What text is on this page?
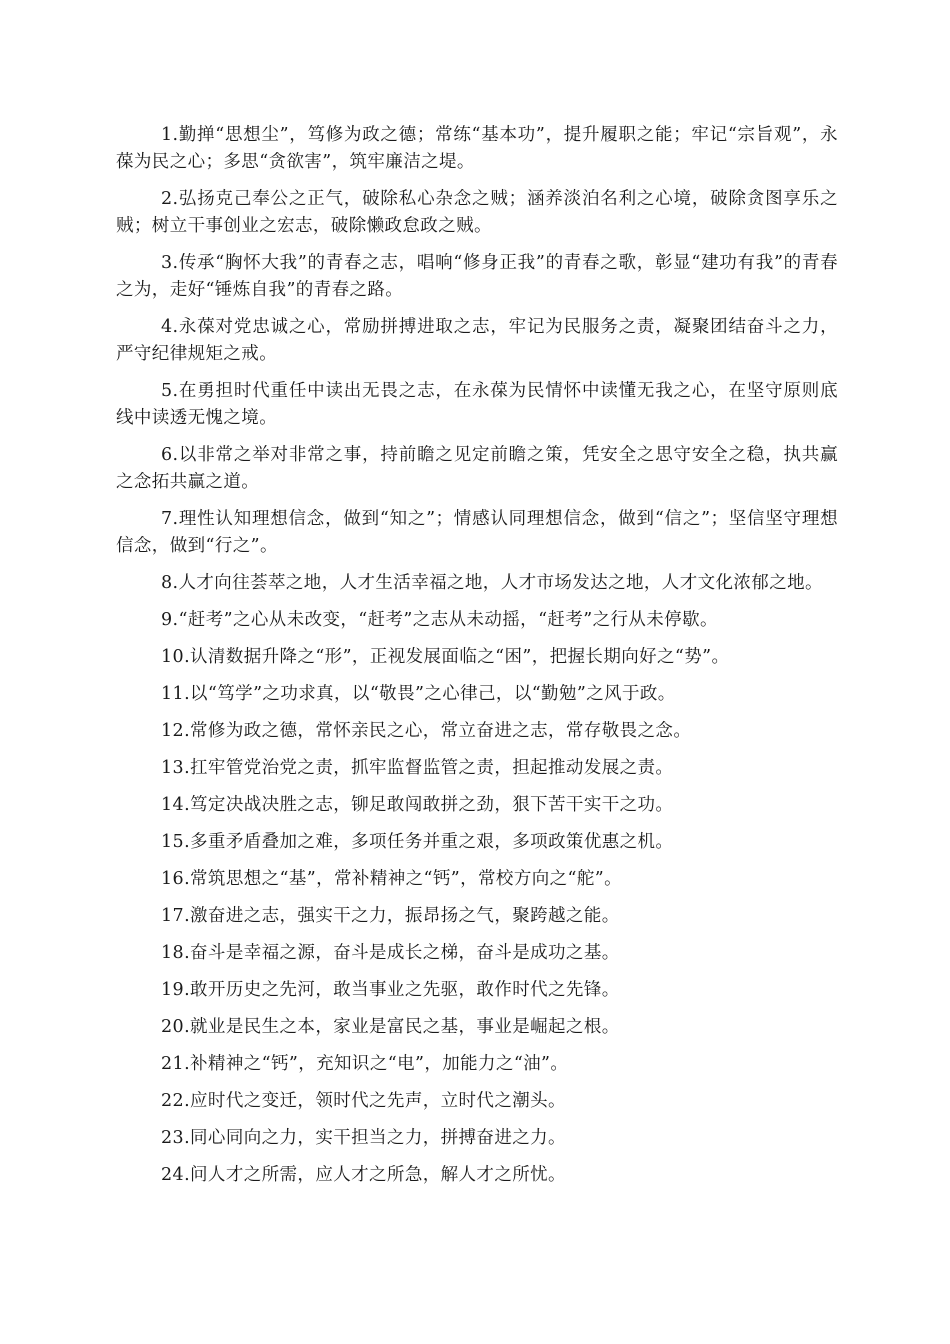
1.勤掸“思想尘”，笃修为政之德；常练“基本功”，提升履职之能；牢记“宗旨观”，永葆为民之心；多思“贪欲害”，筑牢廉洁之堤。

2.弘扬克己奉公之正气，破除私心杂念之贼；涵养淡泊名利之心境，破除贪图享乐之贼；树立干事创业之宏志，破除懒政怠政之贼。

3.传承“胸怀大我”的青春之志，唱响“修身正我”的青春之歌，彰显“建功有我”的青春之为，走好“锤炼自我”的青春之路。

4.永葆对党忠诚之心，常励拼搏进取之志，牢记为民服务之责，凝聚团结奋斗之力，严守纪律规矩之戒。

5.在勇担时代重任中读出无畏之志，在永葆为民情怀中读懂无我之心，在坚守原则底线中读透无愧之境。

6.以非常之举对非常之事，持前瞻之见定前瞻之策，凭安全之思守安全之稳，执共赢之念拓共赢之道。

7.理性认知理想信念，做到“知之”；情感认同理想信念，做到“信之”；坚信坚守理想信念，做到“行之”。

8.人才向往荟萃之地，人才生活幸福之地，人才市场发达之地，人才文化浓郁之地。

9.“赶考”之心从未改变，“赶考”之志从未动摇，“赶考”之行从未停歇。

10.认清数据升降之“形”，正视发展面临之“困”，把握长期向好之“势”。

11.以“笃学”之功求真，以“敬畏”之心律己，以“勤勉”之风于政。

12.常修为政之德，常怀亲民之心，常立奋进之志，常存敬畏之念。

13.扛牢管党治党之责，抓牢监督监管之责，担起推动发展之责。

14.笃定决战决胜之志，铆足敢闯敢拼之劲，狠下苦干实干之功。

15.多重矛盾叠加之难，多项任务并重之艰，多项政策优惠之机。

16.常筑思想之“基”，常补精神之“钙”，常校方向之“舵”。

17.激奋进之志，强实干之力，振昂扬之气，聚跨越之能。

18.奋斗是幸福之源，奋斗是成长之梯，奋斗是成功之基。

19.敢开历史之先河，敢当事业之先驱，敢作时代之先锋。

20.就业是民生之本，家业是富民之基，事业是崛起之根。

21.补精神之“钙”，充知识之“电”，加能力之“油”。

22.应时代之变迁，领时代之先声，立时代之潮头。

23.同心同向之力，实干担当之力，拼搏奋进之力。

24.问人才之所需，应人才之所急，解人才之所忧。
